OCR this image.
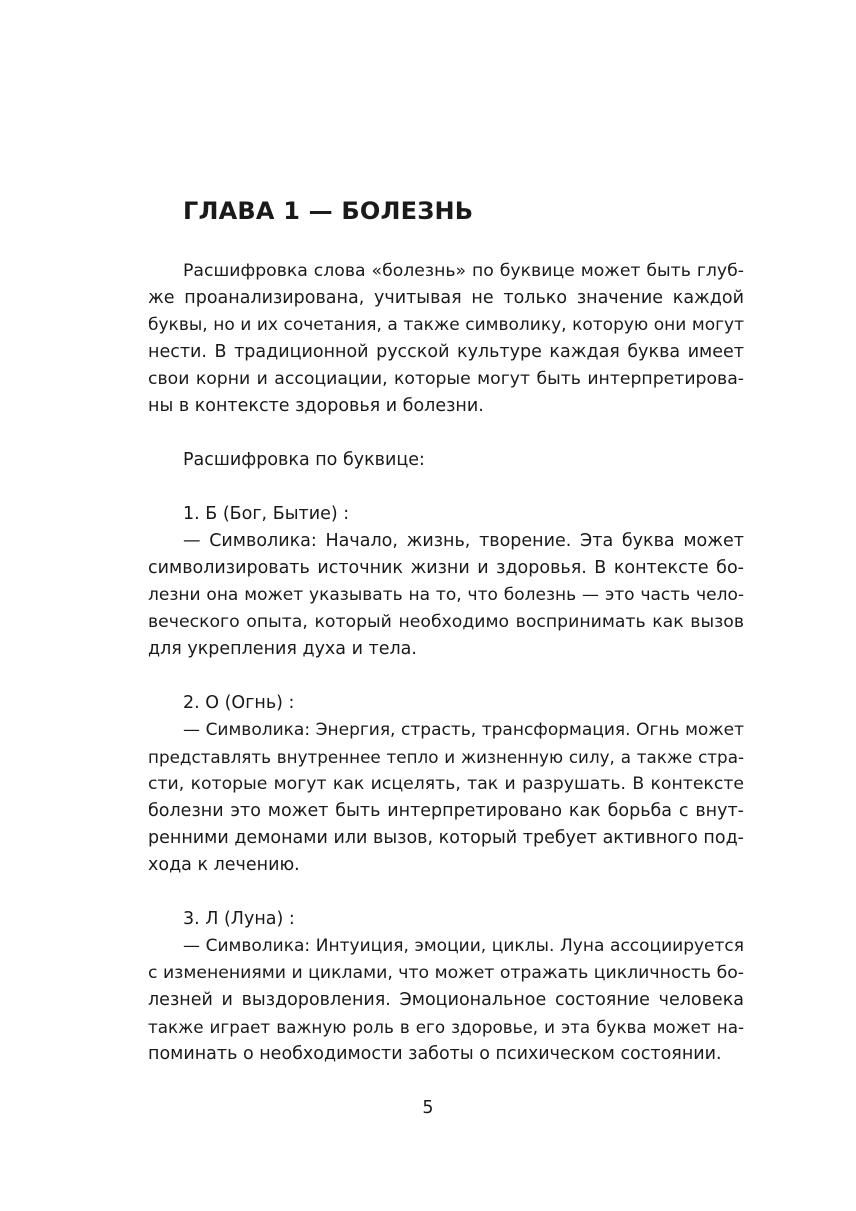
ГЛАВА 1 — БОЛЕЗНЬ
Расшифровка слова «болезнь» по буквице может быть глуб-
же проанализирована, учитывая не только значение каждой
буквы, но и их сочетания, а также символику, которую они могут
нести. В традиционной русской культуре каждая буква имеет
свои корни и ассоциации, которые могут быть интерпретирова-
ны в контексте здоровья и болезни.
Расшифровка по буквице:
1. Б (Бог, Бытие) :
— Символика: Начало, жизнь, творение. Эта буква может
символизировать источник жизни и здоровья. В контексте бо-
лезни она может указывать на то, что болезнь — это часть чело-
веческого опыта, который необходимо воспринимать как вызов
для укрепления духа и тела.
2. О (Огнь) :
— Символика: Энергия, страсть, трансформация. Огнь может
представлять внутреннее тепло и жизненную силу, а также стра-
сти, которые могут как исцелять, так и разрушать. В контексте
болезни это может быть интерпретировано как борьба с внут-
ренними демонами или вызов, который требует активного под-
хода к лечению.
3. Л (Луна) :
— Символика: Интуиция, эмоции, циклы. Луна ассоциируется
с изменениями и циклами, что может отражать цикличность бо-
лезней и выздоровления. Эмоциональное состояние человека
также играет важную роль в его здоровье, и эта буква может на-
поминать о необходимости заботы о психическом состоянии.
5
